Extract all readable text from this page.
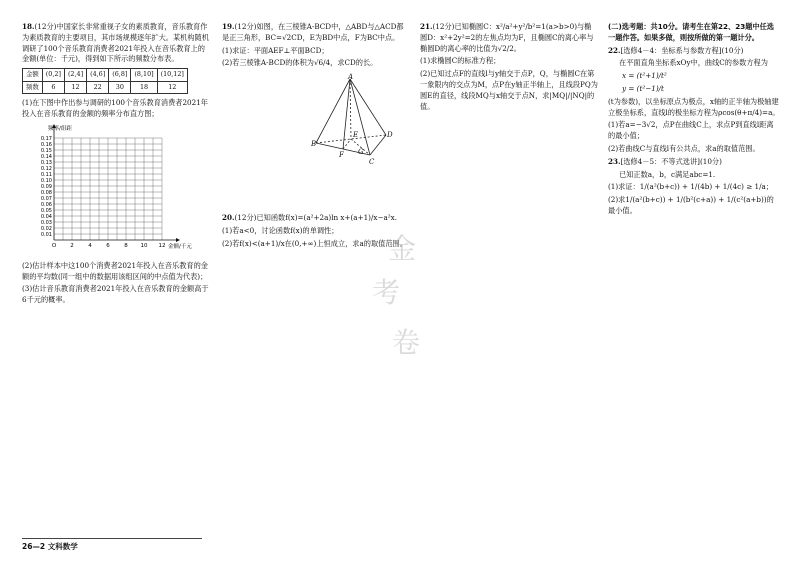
18.(12分)中国家长非常重视子女的素质教育，音乐教育作为素质教育的主要项目，其市场规模逐年扩大。某机构随机调研了100个音乐教育消费者2021年投入在音乐教育上的金额(单位：千元)，得到如下所示的频数分布表。

金额	(0,2]	(2,4]	(4,6]	(6,8]	(8,10]	(10,12]
频数	6	12	22	30	18	12

(1)在下图中作出参与调研的100个音乐教育消费者2021年投入在音乐教育的金额的频率分布直方图；

0.01
0.02
0.03
0.04
0.05
0.06
0.07
0.08
0.09
0.10
0.11
0.12
0.13
0.14
0.15
0.16
0.17
O	2	4	6	8 10 12
频率/组距
金额/千元

(2)估计样本中这100个消费者2021年投入在音乐教育的金额的平均数(同一组中的数据用该组区间的中点值为代表)；

(3)估计音乐教育消费者2021年投入在音乐教育的金额高于6千元的概率。

19.(12分)如图，在三棱锥A-BCD中，△ABD与△ACD都是正三角形，BC=√2CD，E为BD中点，F为BC中点。

(1)求证：平面AEF⊥平面BCD；

(2)若三棱锥A-BCD的体积为√6/4，求CD的长。

A
B
C
D
E
F G

20.(12分)已知函数f(x)=(a²+2a)ln x+(a+1)/x−a²x.

(1)若a<0，讨论函数f(x)的单调性；

(2)若f(x)<(a+1)/x在(0,+∞)上恒成立，求a的取值范围。

21.(12分)已知椭圆C：x²/a²+y²/b²=1(a>b>0)与椭圆D：x²+2y²=2的左焦点均为F，且椭圆C的离心率与椭圆D的离心率的比值为√2/2。

(1)求椭圆C的标准方程；

(2)已知过点F的直线l与y轴交于点P，Q，与椭圆C在第一象限内的交点为M，点P在y轴正半轴上，且线段PQ为圆E的直径，线段MQ与x轴交于点N，求|MQ|/|NQ|的值。

(二)选考题：共10分。请考生在第22、23题中任选一题作答。如果多做，则按所做的第一题计分。

22.[选修4－4：坐标系与参数方程](10分)

在平面直角坐标系xOy中，曲线C的参数方程为

x = (t²+1)/t²
y = (t²−1)/t

(t为参数)，以坐标原点为极点，x轴的正半轴为极轴建立极坐标系，直线l的极坐标方程为ρcos(θ+π/4)=a。

(1)若a=−3√2，点P在曲线C上，求点P到直线l距离的最小值；

(2)若曲线C与直线l有公共点，求a的取值范围。

23.[选修4－5：不等式选讲](10分)

已知正数a，b，c满足abc=1.

(1)求证：1/(a²(b+c)) + 1/(4b) + 1/(4c) ≥ 1/a；

(2)求1/(a²(b+c)) + 1/(b²(c+a)) + 1/(c²(a+b))的最小值。

金
考
卷
26—2 文科数学
